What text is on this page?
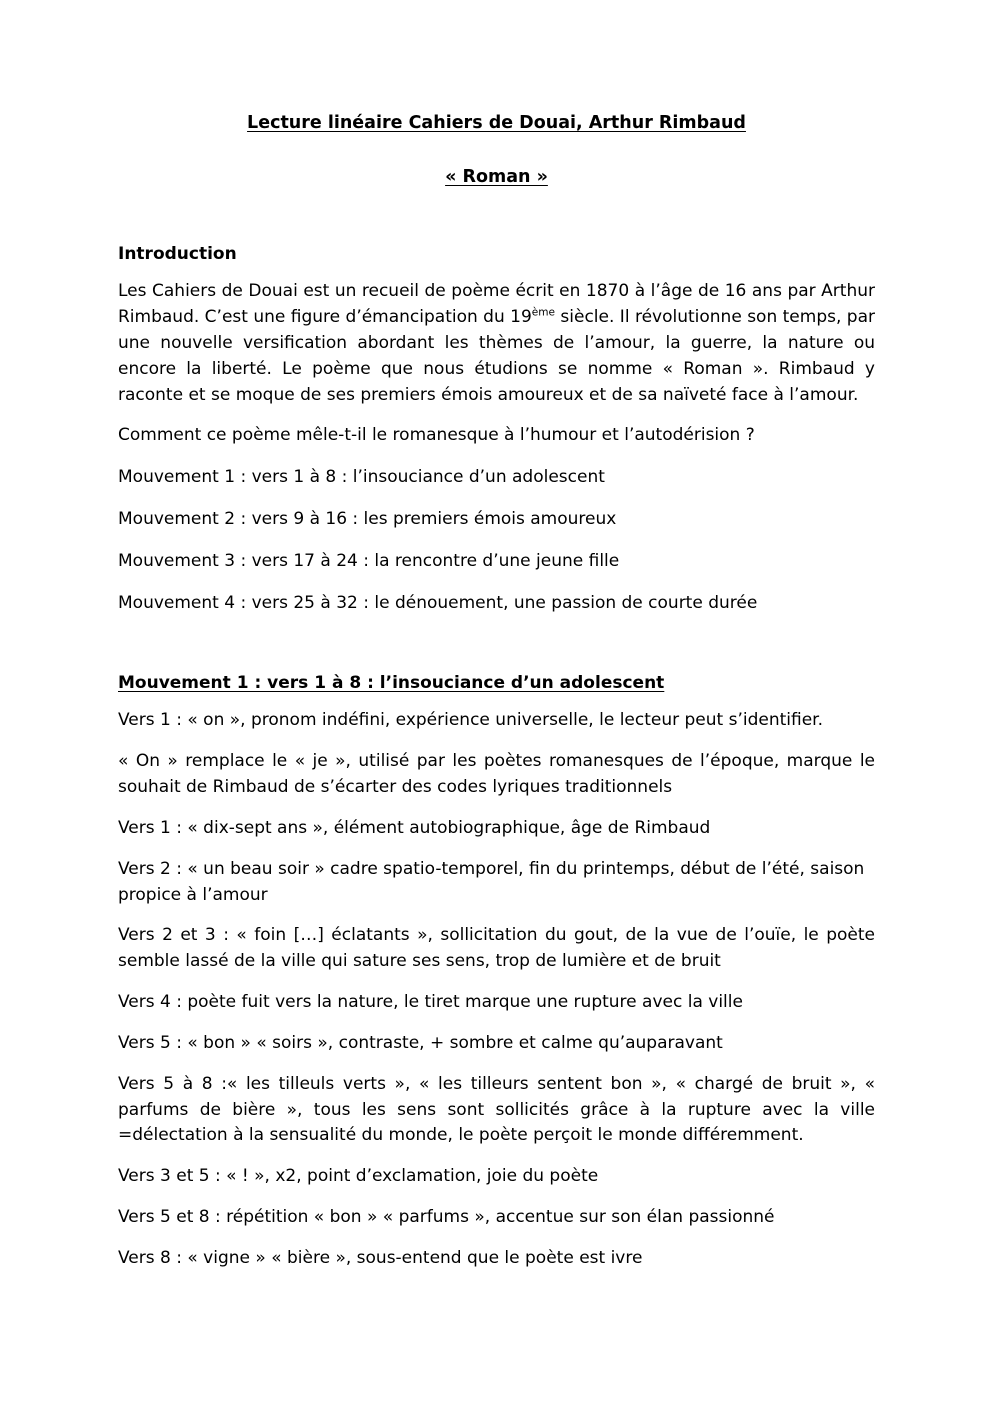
Lecture linéaire Cahiers de Douai, Arthur Rimbaud
« Roman »
Introduction

Les Cahiers de Douai est un recueil de poème écrit en 1870 à l’âge de 16 ans par Arthur Rimbaud. C’est une figure d’émancipation du 19ème siècle. Il révolutionne son temps, par une nouvelle versification abordant les thèmes de l’amour, la guerre, la nature ou encore la liberté. Le poème que nous étudions se nomme « Roman ». Rimbaud y raconte et se moque de ses premiers émois amoureux et de sa naïveté face à l’amour.

Comment ce poème mêle-t-il le romanesque à l’humour et l’autodérision ?

Mouvement 1 : vers 1 à 8 : l’insouciance d’un adolescent

Mouvement 2 : vers 9 à 16 : les premiers émois amoureux

Mouvement 3 : vers 17 à 24 : la rencontre d’une jeune fille

Mouvement 4 : vers 25 à 32 : le dénouement, une passion de courte durée

Mouvement 1 : vers 1 à 8 : l’insouciance d’un adolescent

Vers 1 : « on », pronom indéfini, expérience universelle, le lecteur peut s’identifier.

« On » remplace le « je », utilisé par les poètes romanesques de l’époque, marque le souhait de Rimbaud de s’écarter des codes lyriques traditionnels

Vers 1 : « dix-sept ans », élément autobiographique, âge de Rimbaud

Vers 2 : « un beau soir » cadre spatio-temporel, fin du printemps, début de l’été, saison propice à l’amour

Vers 2 et 3 : « foin […] éclatants », sollicitation du gout, de la vue de l’ouïe, le poète semble lassé de la ville qui sature ses sens, trop de lumière et de bruit

Vers 4 : poète fuit vers la nature, le tiret marque une rupture avec la ville

Vers 5 : « bon » « soirs », contraste, + sombre et calme qu’auparavant

Vers 5 à 8 :« les tilleuls verts », « les tilleurs sentent bon », « chargé de bruit », « parfums de bière », tous les sens sont sollicités grâce à la rupture avec la ville =délectation à la sensualité du monde, le poète perçoit le monde différemment.

Vers 3 et 5 : « ! », x2, point d’exclamation, joie du poète

Vers 5 et 8 : répétition « bon » « parfums », accentue sur son élan passionné

Vers 8 : « vigne » « bière », sous-entend que le poète est ivre
